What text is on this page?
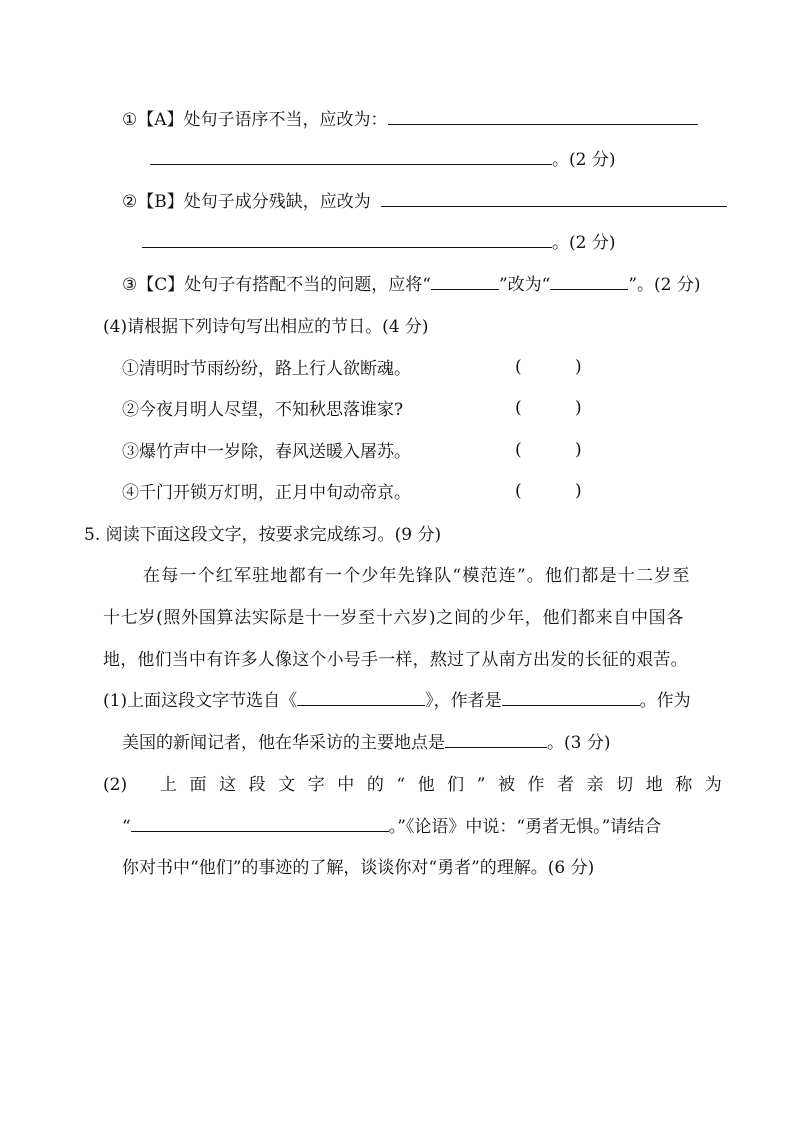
①【A】处句子语序不当，应改为：
。(2 分)
②【B】处句子成分残缺，应改为
。(2 分)
③【C】处句子有搭配不当的问题，应将“	”改为“	”。(2 分)
(4)请根据下列诗句写出相应的节日。(4 分)
①清明时节雨纷纷，路上行人欲断魂。	(	)
②今夜月明人尽望，不知秋思落谁家?	(	)
③爆竹声中一岁除，春风送暖入屠苏。	(	)
④千门开锁万灯明，正月中旬动帝京。	(	)
5. 阅读下面这段文字，按要求完成练习。(9 分)
在每一个红军驻地都有一个少年先锋队“模范连”。他们都是十二岁至
十七岁(照外国算法实际是十一岁至十六岁)之间的少年，他们都来自中国各
地，他们当中有许多人像这个小号手一样，熬过了从南方出发的长征的艰苦。
(1)上面这段文字节选自《	》，作者是	。作为
美国的新闻记者，他在华采访的主要地点是	。(3 分)
(2) 上 面 这 段 文 字 中 的 “ 他 们 ” 被 作 者 亲 切 地 称 为
“	。”《论语》中说：“勇者无惧。”请结合
你对书中“他们”的事迹的了解，谈谈你对“勇者”的理解。(6 分)
